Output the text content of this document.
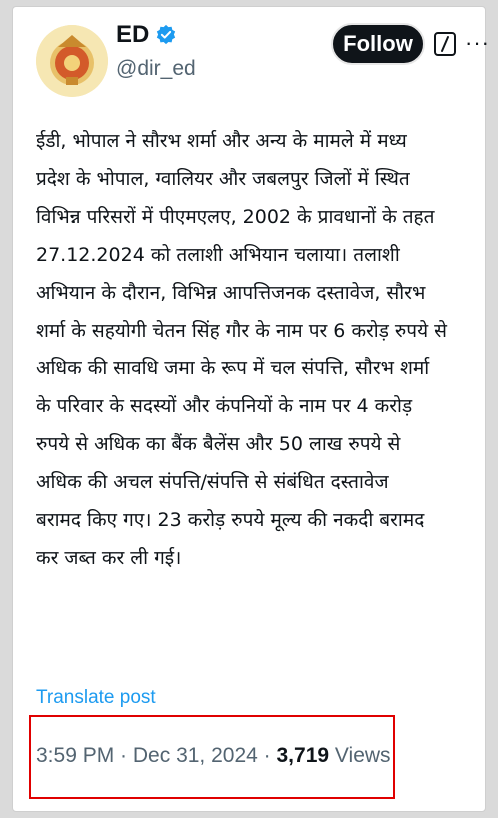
ED
@dir_ed
Follow	···

ईडी, भोपाल ने सौरभ शर्मा और अन्य के मामले में मध्य
प्रदेश के भोपाल, ग्वालियर और जबलपुर जिलों में स्थित
विभिन्न परिसरों में पीएमएलए, 2002 के प्रावधानों के तहत
27.12.2024 को तलाशी अभियान चलाया। तलाशी
अभियान के दौरान, विभिन्न आपत्तिजनक दस्तावेज, सौरभ
शर्मा के सहयोगी चेतन सिंह गौर के नाम पर 6 करोड़ रुपये से
अधिक की सावधि जमा के रूप में चल संपत्ति, सौरभ शर्मा
के परिवार के सदस्यों और कंपनियों के नाम पर 4 करोड़
रुपये से अधिक का बैंक बैलेंस और 50 लाख रुपये से
अधिक की अचल संपत्ति/संपत्ति से संबंधित दस्तावेज
बरामद किए गए। 23 करोड़ रुपये मूल्य की नकदी बरामद
कर जब्त कर ली गई।

Translate post
3:59 PM · Dec 31, 2024 · 3,719 Views
